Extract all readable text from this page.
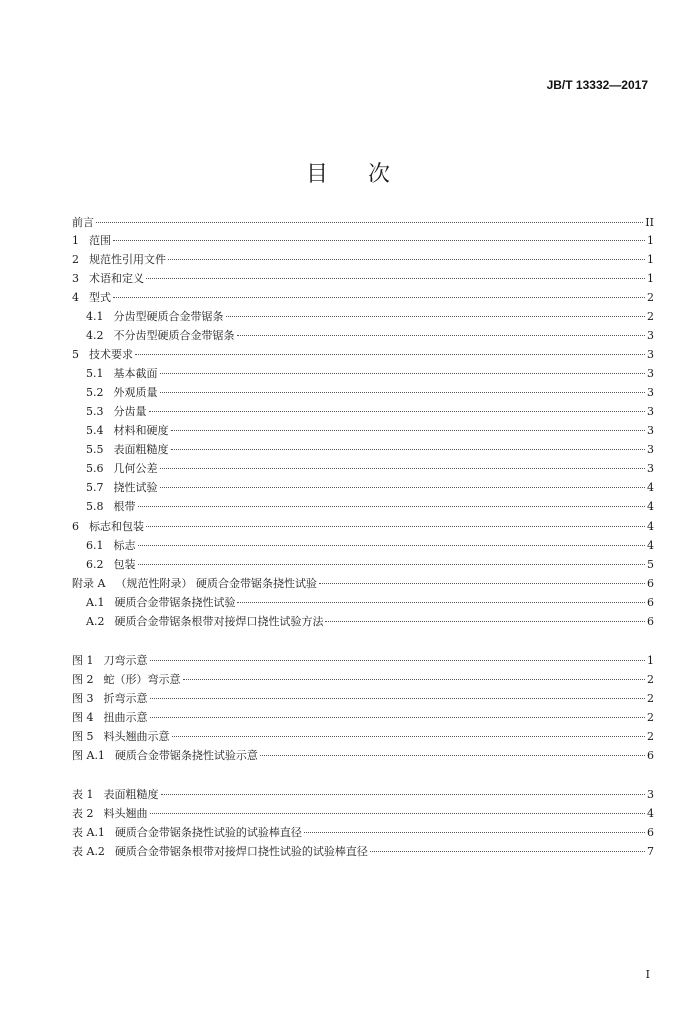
JB/T 13332—2017
目次
前言	II
1 范围	1
2 规范性引用文件	1
3 术语和定义	1
4 型式	2
4.1 分齿型硬质合金带锯条	2
4.2 不分齿型硬质合金带锯条	3
5 技术要求	3
5.1 基本截面	3
5.2 外观质量	3
5.3 分齿量	3
5.4 材料和硬度	3
5.5 表面粗糙度	3
5.6 几何公差	3
5.7 挠性试验	4
5.8 根带	4
6 标志和包装	4
6.1 标志	4
6.2 包装	5
附录 A （规范性附录） 硬质合金带锯条挠性试验	6
A.1 硬质合金带锯条挠性试验	6
A.2 硬质合金带锯条根带对接焊口挠性试验方法	6
图 1 刀弯示意	1
图 2 蛇（形）弯示意	2
图 3 折弯示意	2
图 4 扭曲示意	2
图 5 料头翘曲示意	2
图 A.1 硬质合金带锯条挠性试验示意	6
表 1 表面粗糙度	3
表 2 料头翘曲	4
表 A.1 硬质合金带锯条挠性试验的试验棒直径	6
表 A.2 硬质合金带锯条根带对接焊口挠性试验的试验棒直径	7
I
